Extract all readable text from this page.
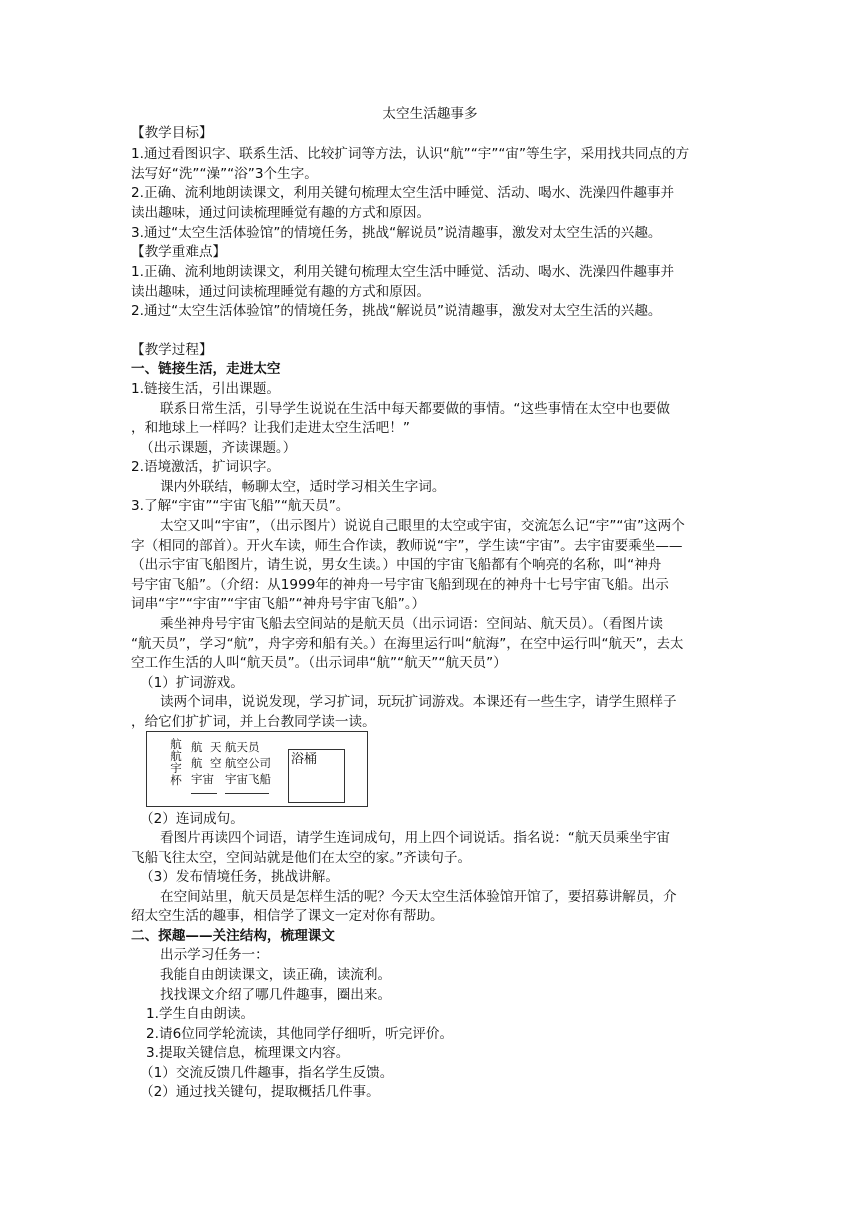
太空生活趣事多
【教学目标】
1.通过看图识字、联系生活、比较扩词等方法，认识“航”“宇”“宙”等生字，采用找共同点的方
法写好“洗”“澡”“浴”3个生字。
2.正确、流利地朗读课文，利用关键句梳理太空生活中睡觉、活动、喝水、洗澡四件趣事并
读出趣味，通过问读梳理睡觉有趣的方式和原因。
3.通过“太空生活体验馆”的情境任务，挑战“解说员”说清趣事，激发对太空生活的兴趣。
【教学重难点】
1.正确、流利地朗读课文，利用关键句梳理太空生活中睡觉、活动、喝水、洗澡四件趣事并
读出趣味，通过问读梳理睡觉有趣的方式和原因。
2.通过“太空生活体验馆”的情境任务，挑战“解说员”说清趣事，激发对太空生活的兴趣。
【教学过程】
一、链接生活，走进太空
1.链接生活，引出课题。
联系日常生活，引导学生说说在生活中每天都要做的事情。“这些事情在太空中也要做
，和地球上一样吗？让我们走进太空生活吧！”
（出示课题，齐读课题。）
2.语境激活，扩词识字。
课内外联结，畅聊太空，适时学习相关生字词。
3.了解“宇宙”“宇宙飞船”“航天员”。
太空又叫“宇宙”，（出示图片）说说自己眼里的太空或宇宙，交流怎么记“宇”“宙”这两个
字（相同的部首）。开火车读，师生合作读，教师说“宇”，学生读“宇宙”。去宇宙要乘坐——
（出示宇宙飞船图片，请生说，男女生读。）中国的宇宙飞船都有个响亮的名称，叫“神舟
号宇宙飞船”。（介绍：从1999年的神舟一号宇宙飞船到现在的神舟十七号宇宙飞船。出示
词串“宇”“宇宙”“宇宙飞船”“神舟号宇宙飞船”。）
乘坐神舟号宇宙飞船去空间站的是航天员（出示词语：空间站、航天员）。（看图片读
“航天员”，学习“航”，舟字旁和船有关。）在海里运行叫“航海”，在空中运行叫“航天”，去太
空工作生活的人叫“航天员”。（出示词串“航”“航天”“航天员”）
（1）扩词游戏。
读两个词串，说说发现，学习扩词，玩玩扩词游戏。本课还有一些生字，请学生照样子
，给它们扩扩词，并上台教同学读一读。
航
航
宇
杯
航 天 航天员
航 空 航空公司
宇宙 宇宙飞船
浴桶
（2）连词成句。
看图片再读四个词语，请学生连词成句，用上四个词说话。指名说：“航天员乘坐宇宙
飞船飞往太空，空间站就是他们在太空的家。”齐读句子。
（3）发布情境任务，挑战讲解。
在空间站里，航天员是怎样生活的呢？今天太空生活体验馆开馆了，要招募讲解员，介
绍太空生活的趣事，相信学了课文一定对你有帮助。
二、探趣——关注结构，梳理课文
出示学习任务一：
我能自由朗读课文，读正确，读流利。
找找课文介绍了哪几件趣事，圈出来。
1.学生自由朗读。
2.请6位同学轮流读，其他同学仔细听，听完评价。
3.提取关键信息，梳理课文内容。
（1）交流反馈几件趣事，指名学生反馈。
（2）通过找关键句，提取概括几件事。
